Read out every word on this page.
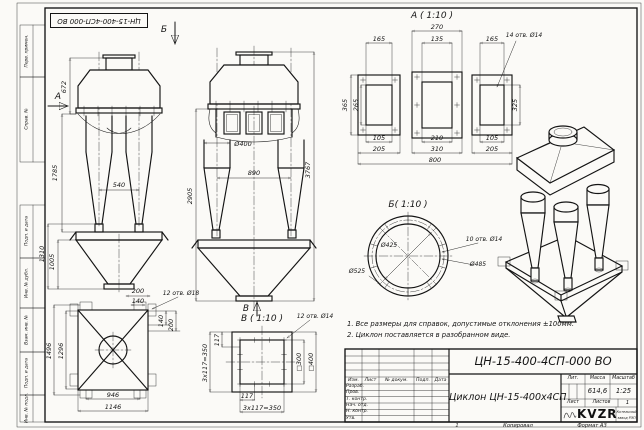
672
1785
540
1310 1005
А
Б
Ø400
890
2905
3767
В
А ( 1:10 )
270
135
165	165 14 отв. Ø14
365 265	325
105	210	105
205	310	205
800
Б( 1:10 )
Ø425
10 отв. Ø14
Ø485
Ø525
200
140
12 отв. Ø18
140 200
1496 1296
946
1146
В ( 1:10 ) 12 отв. Ø14
117
3x117=350	□300 □400
117
3x117=350
ЦН-15-400-4СП-000 ВО
Перв. примен.
Справ. №
Подп. и дата
Инв. № дубл.
Взам. инв. №
Подп. и дата
Инв. № подл.
1. Все размеры для справок, допустимые отклонения ±100мм.
2. Циклон поставляется в разобранном виде.
ЦН-15-400-4СП-000 ВО
Циклон ЦН-15-400х4СП
Изм.	Лист	№ докум.	Подп. Дата
Разраб.
Пров.
Т. контр.
Нач. отд.
Н. контр.
Утв.
Лит.	Масса	Масштаб
614,6	1:25
Лист	Листов	1
KVZR Котельный
завод РЭП
1	Копировал	Формат А3
